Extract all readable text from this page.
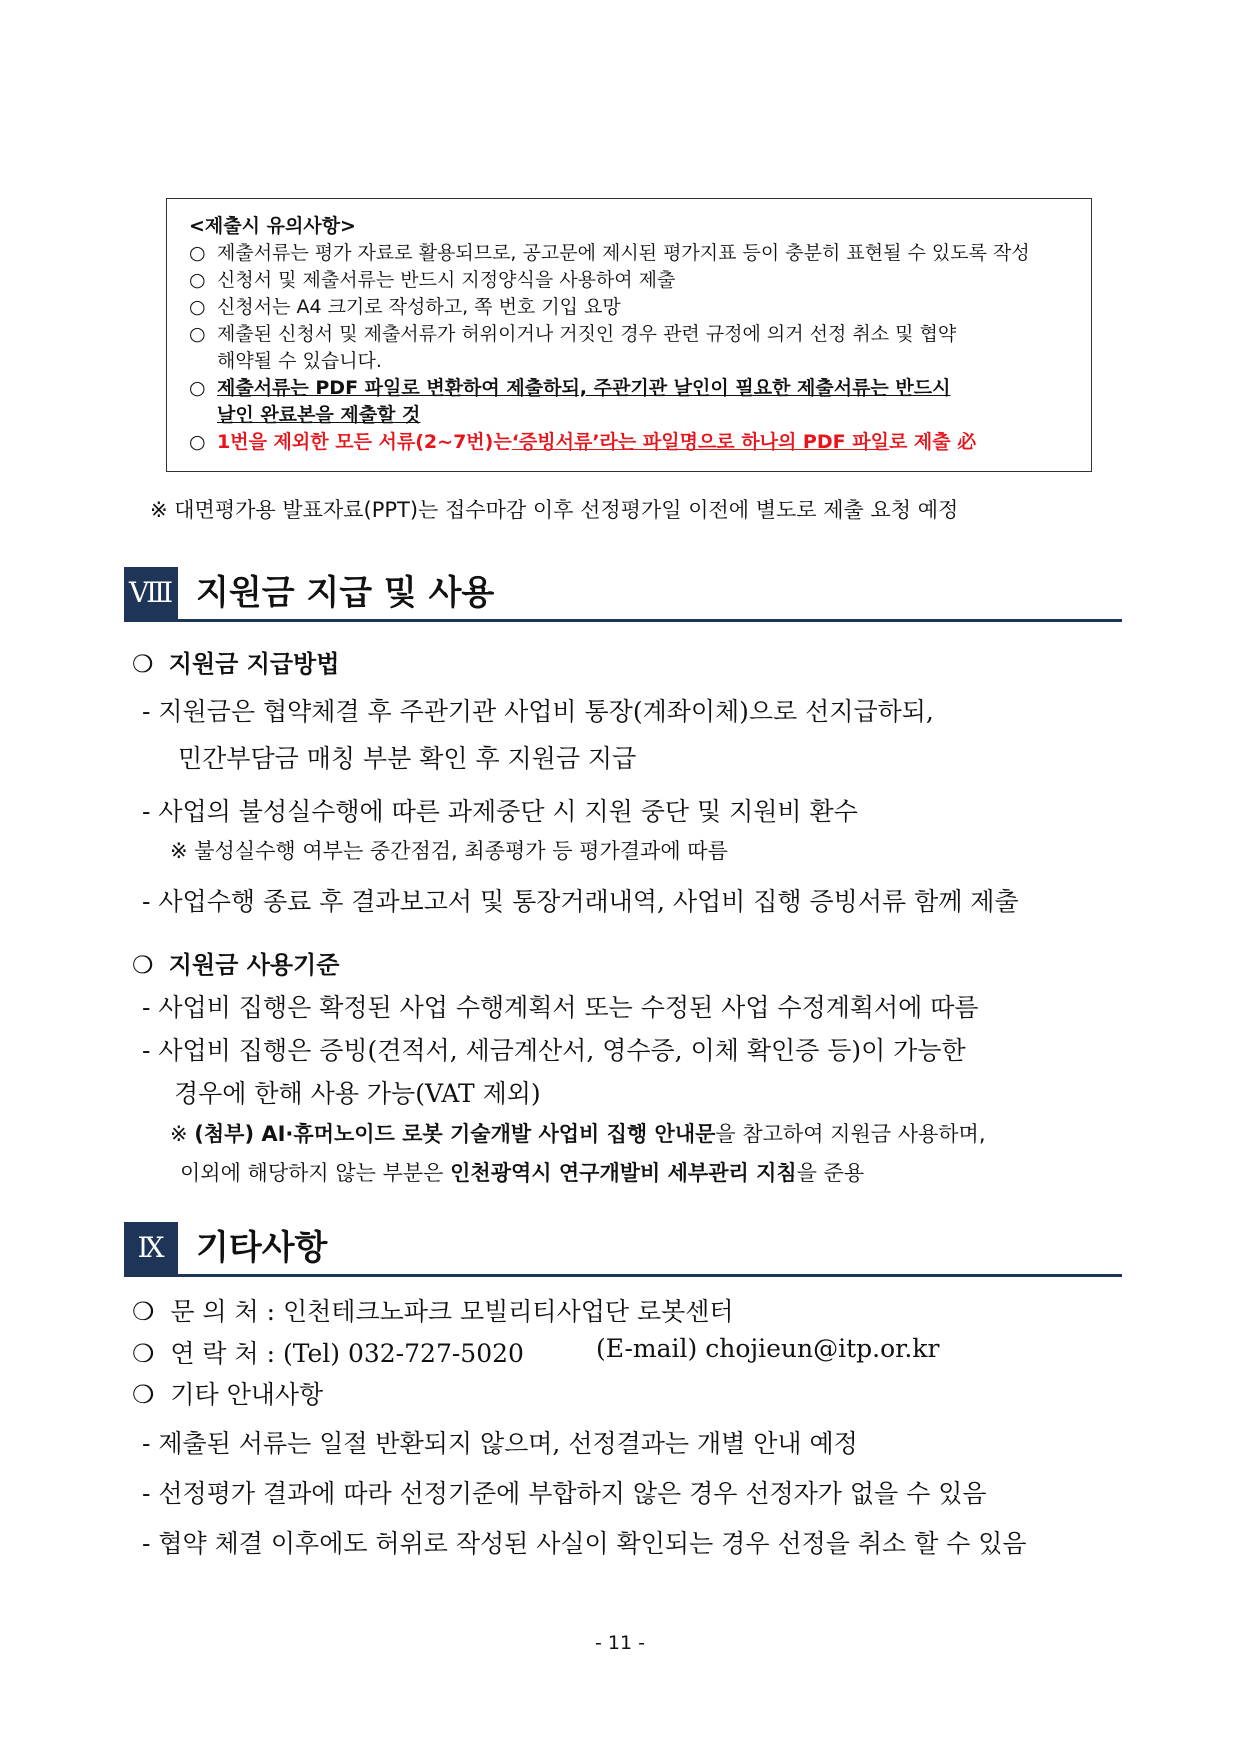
<제출시 유의사항>
○ 제출서류는 평가 자료로 활용되므로, 공고문에 제시된 평가지표 등이 충분히 표현될 수 있도록 작성
○ 신청서 및 제출서류는 반드시 지정양식을 사용하여 제출
○ 신청서는 A4 크기로 작성하고, 쪽 번호 기입 요망
○ 제출된 신청서 및 제출서류가 허위이거나 거짓인 경우 관련 규정에 의거 선정 취소 및 협약
해약될 수 있습니다.
○ 제출서류는 PDF 파일로 변환하여 제출하되, 주관기관 날인이 필요한 제출서류는 반드시
날인 완료본을 제출할 것
○ 1번을 제외한 모든 서류(2~7번)는 ‘증빙서류’라는 파일명으로 하나의 PDF 파일 로 제출 必
※ 대면평가용 발표자료(PPT)는 접수마감 이후 선정평가일 이전에 별도로 제출 요청 예정
Ⅷ 지원금 지급 및 사용
❍ 지원금 지급방법
- 지원금은 협약체결 후 주관기관 사업비 통장(계좌이체)으로 선지급하되,
민간부담금 매칭 부분 확인 후 지원금 지급
- 사업의 불성실수행에 따른 과제중단 시 지원 중단 및 지원비 환수
※ 불성실수행 여부는 중간점검, 최종평가 등 평가결과에 따름
- 사업수행 종료 후 결과보고서 및 통장거래내역, 사업비 집행 증빙서류 함께 제출
❍ 지원금 사용기준
- 사업비 집행은 확정된 사업 수행계획서 또는 수정된 사업 수정계획서에 따름
- 사업비 집행은 증빙(견적서, 세금계산서, 영수증, 이체 확인증 등)이 가능한
경우에 한해 사용 가능(VAT 제외)
※ (첨부) AI·휴머노이드 로봇 기술개발 사업비 집행 안내문을 참고하여 지원금 사용하며,
이외에 해당하지 않는 부분은 인천광역시 연구개발비 세부관리 지침을 준용
Ⅸ 기타사항
❍ 문 의 처 : 인천테크노파크 모빌리티사업단 로봇센터
❍ 연 락 처 : (Tel) 032-727-5020	(E-mail) chojieun@itp.or.kr
❍ 기타 안내사항
- 제출된 서류는 일절 반환되지 않으며, 선정결과는 개별 안내 예정
- 선정평가 결과에 따라 선정기준에 부합하지 않은 경우 선정자가 없을 수 있음
- 협약 체결 이후에도 허위로 작성된 사실이 확인되는 경우 선정을 취소 할 수 있음
- 11 -
